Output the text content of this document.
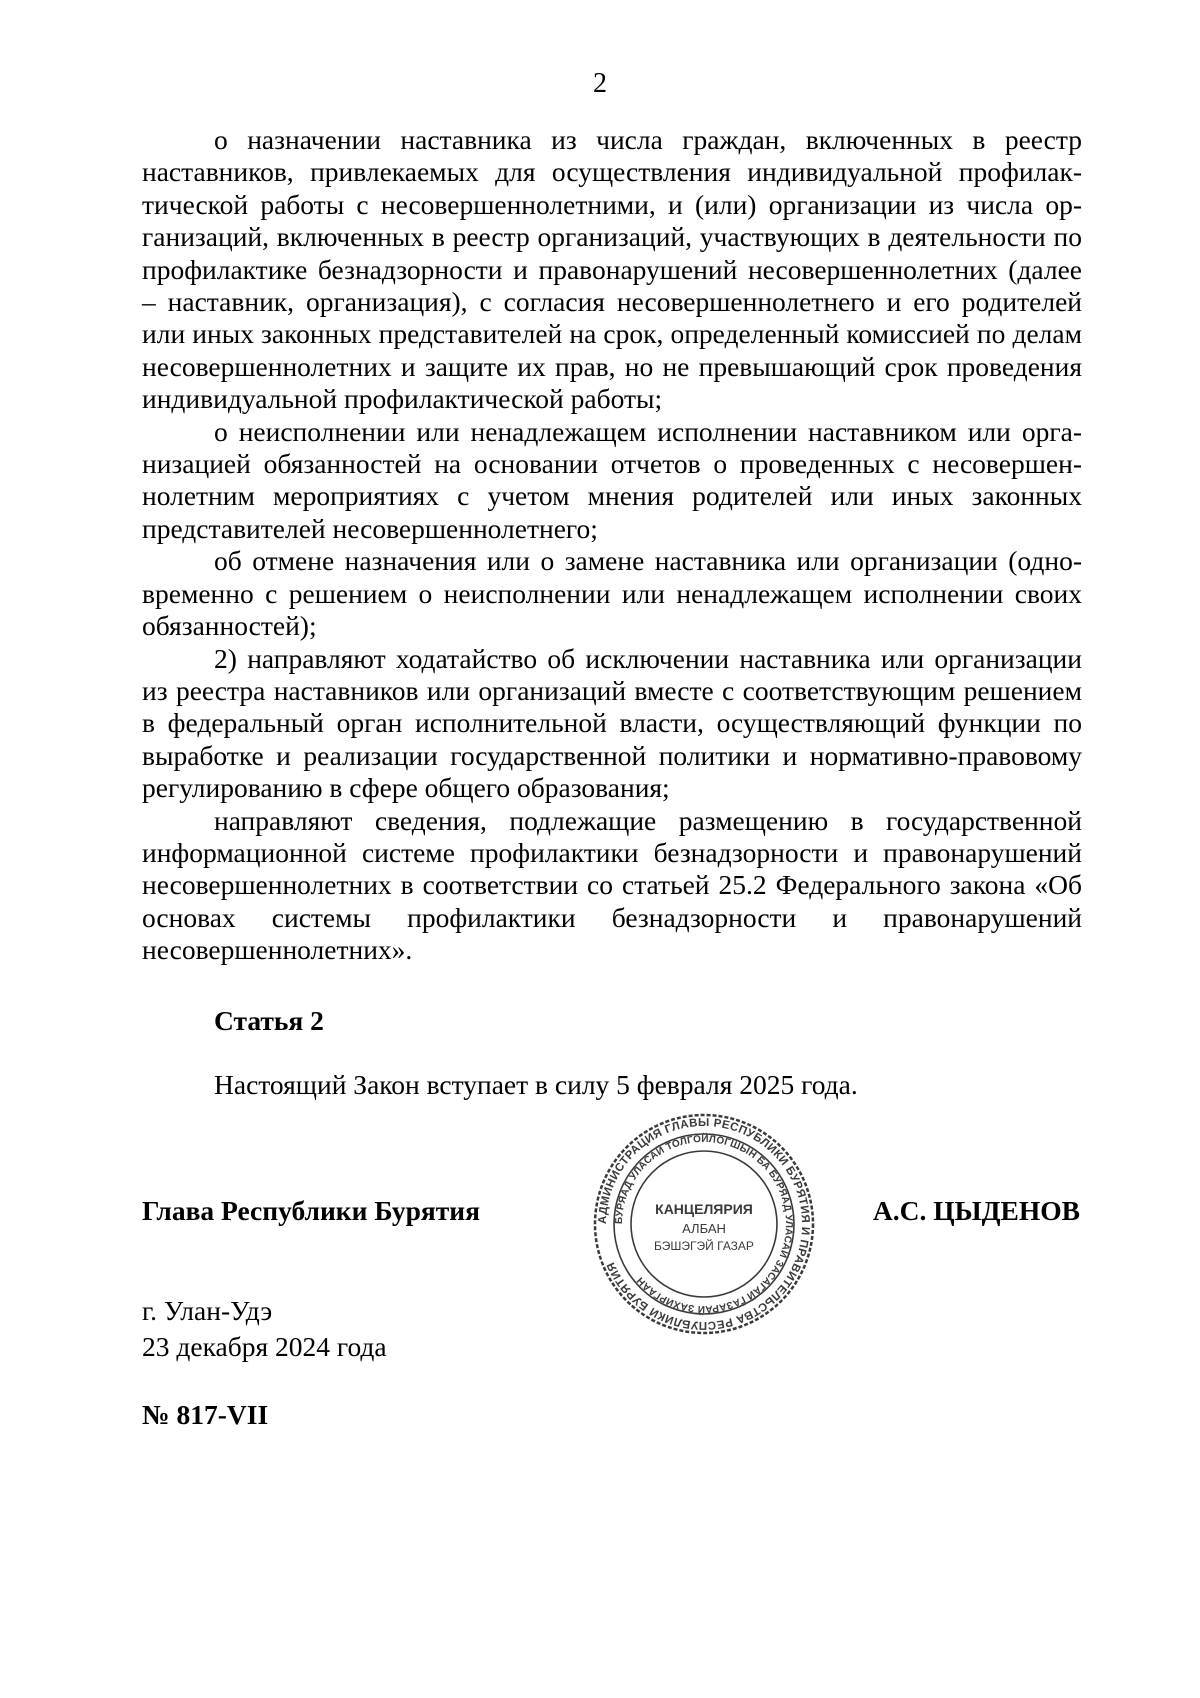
2

о назначении наставника из числа граждан, включенных в реестр наставников, привлекаемых для осуществления индивидуальной профилактической работы с несовершеннолетними, и (или) организации из числа организаций, включенных в реестр организаций, участвующих в деятельности по профилактике безнадзорности и правонарушений несовершеннолетних (далее – наставник, организация), с согласия несовершеннолетнего и его родителей или иных законных представителей на срок, определенный комиссией по делам несовершеннолетних и защите их прав, но не превышающий срок проведения индивидуальной профилактической работы;

о неисполнении или ненадлежащем исполнении наставником или организацией обязанностей на основании отчетов о проведенных с несовершеннолетним мероприятиях с учетом мнения родителей или иных законных представителей несовершеннолетнего;

об отмене назначения или о замене наставника или организации (одновременно с решением о неисполнении или ненадлежащем исполнении своих обязанностей);

2) направляют ходатайство об исключении наставника или организации из реестра наставников или организаций вместе с соответствующим решением в федеральный орган исполнительной власти, осуществляющий функции по выработке и реализации государственной политики и нормативно-правовому регулированию в сфере общего образования;

направляют сведения, подлежащие размещению в государственной информационной системе профилактики безнадзорности и правонарушений несовершеннолетних в соответствии со статьей 25.2 Федерального закона «Об основах системы профилактики безнадзорности и правонарушений несовершеннолетних».

Статья 2
Настоящий Закон вступает в силу 5 февраля 2025 года.
Глава Республики Бурятия	АДМИНИСТРАЦИЯ ГЛАВЫ РЕСПУБЛИКИ БУРЯТИЯ И ПРАВИТЕЛЬСТВА РЕСПУБЛИКИ БУРЯТИЯ
БУРЯАД УЛАСАЙ ТОЛГОЙЛОГШЫН БА БУРЯАД УЛАСАЙ ЗАСАГАЙ ГАЗАРАЙ ЗАХИРГААН
КАНЦЕЛЯРИЯ
АЛБАН
БЭШЭГЭЙ ГАЗАР
А.С. ЦЫДЕНОВ
г. Улан-Удэ
23 декабря 2024 года
№ 817-VII
